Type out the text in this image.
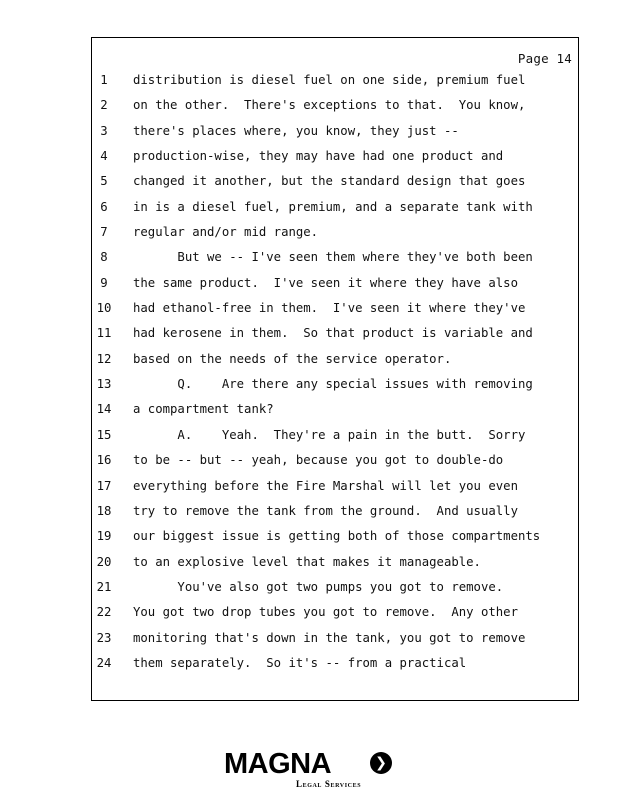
Page 14
1	distribution is diesel fuel on one side, premium fuel
2	on the other.  There's exceptions to that.  You know,
3	there's places where, you know, they just --
4	production-wise, they may have had one product and
5	changed it another, but the standard design that goes
6	in is a diesel fuel, premium, and a separate tank with
7	regular and/or mid range.
8	But we -- I've seen them where they've both been
9	the same product.  I've seen it where they have also
10	had ethanol-free in them.  I've seen it where they've
11	had kerosene in them.  So that product is variable and
12	based on the needs of the service operator.
13	Q.    Are there any special issues with removing
14	a compartment tank?
15	A.    Yeah.  They're a pain in the butt.  Sorry
16	to be -- but -- yeah, because you got to double-do
17	everything before the Fire Marshal will let you even
18	try to remove the tank from the ground.  And usually
19	our biggest issue is getting both of those compartments
20	to an explosive level that makes it manageable.
21	You've also got two pumps you got to remove.
22	You got two drop tubes you got to remove.  Any other
23	monitoring that's down in the tank, you got to remove
24	them separately.  So it's -- from a practical
MAGNA	❯
Legal Services
